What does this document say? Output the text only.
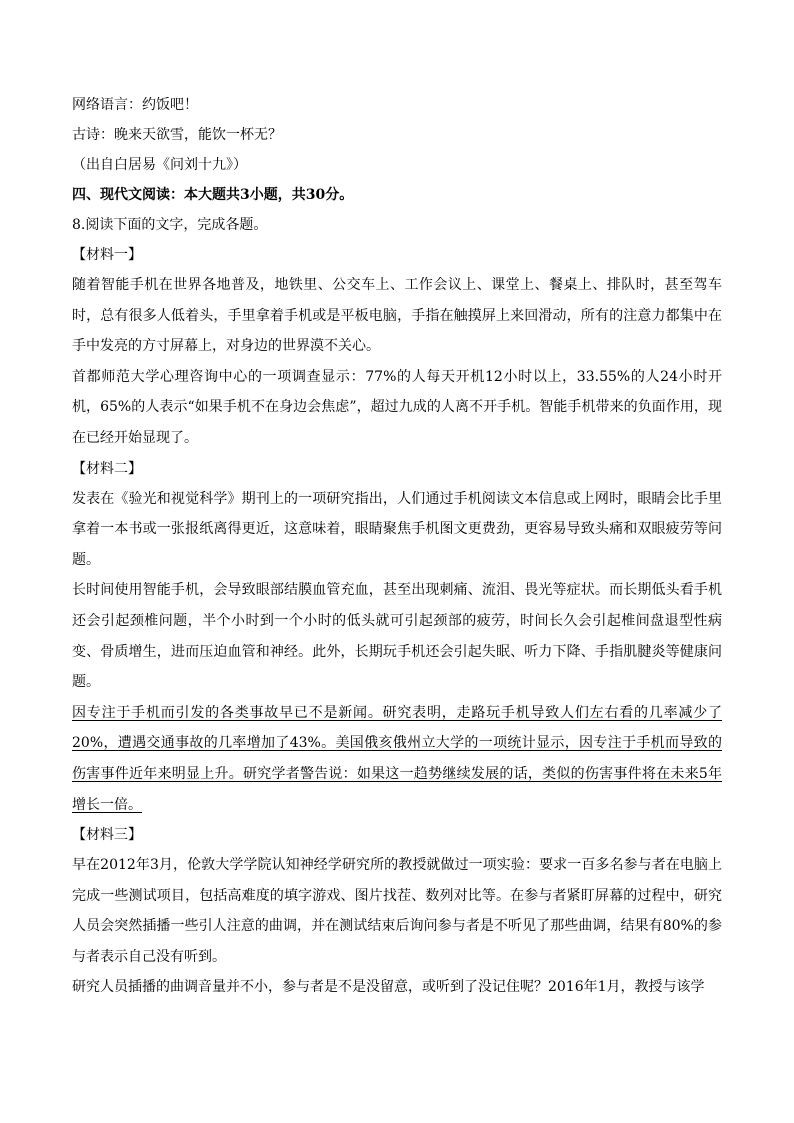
网络语言：约饭吧！
古诗：晚来天欲雪，能饮一杯无？
（出自白居易《问刘十九》）
四、现代文阅读：本大题共3小题，共30分。
8.阅读下面的文字，完成各题。
【材料一】

随着智能手机在世界各地普及，地铁里、公交车上、工作会议上、课堂上、餐桌上、排队时，甚至驾车时，总有很多人低着头，手里拿着手机或是平板电脑，手指在触摸屏上来回滑动，所有的注意力都集中在手中发亮的方寸屏幕上，对身边的世界漠不关心。

首都师范大学心理咨询中心的一项调查显示：77%的人每天开机12小时以上，33.55%的人24小时开机，65%的人表示“如果手机不在身边会焦虑”，超过九成的人离不开手机。智能手机带来的负面作用，现在已经开始显现了。

【材料二】

发表在《验光和视觉科学》期刊上的一项研究指出，人们通过手机阅读文本信息或上网时，眼睛会比手里拿着一本书或一张报纸离得更近，这意味着，眼睛聚焦手机图文更费劲，更容易导致头痛和双眼疲劳等问题。

长时间使用智能手机，会导致眼部结膜血管充血，甚至出现刺痛、流泪、畏光等症状。而长期低头看手机还会引起颈椎问题，半个小时到一个小时的低头就可引起颈部的疲劳，时间长久会引起椎间盘退型性病变、骨质增生，进而压迫血管和神经。此外，长期玩手机还会引起失眠、听力下降、手指肌腱炎等健康问题。

因专注于手机而引发的各类事故早已不是新闻。研究表明，走路玩手机导致人们左右看的几率减少了20%，遭遇交通事故的几率增加了43%。美国俄亥俄州立大学的一项统计显示，因专注于手机而导致的伤害事件近年来明显上升。研究学者警告说：如果这一趋势继续发展的话，类似的伤害事件将在未来5年增长一倍。

【材料三】

早在2012年3月，伦敦大学学院认知神经学研究所的教授就做过一项实验：要求一百多名参与者在电脑上完成一些测试项目，包括高难度的填字游戏、图片找茬、数列对比等。在参与者紧盯屏幕的过程中，研究人员会突然插播一些引人注意的曲调，并在测试结束后询问参与者是不听见了那些曲调，结果有80%的参与者表示自己没有听到。

研究人员插播的曲调音量并不小，参与者是不是没留意，或听到了没记住呢？2016年1月，教授与该学
